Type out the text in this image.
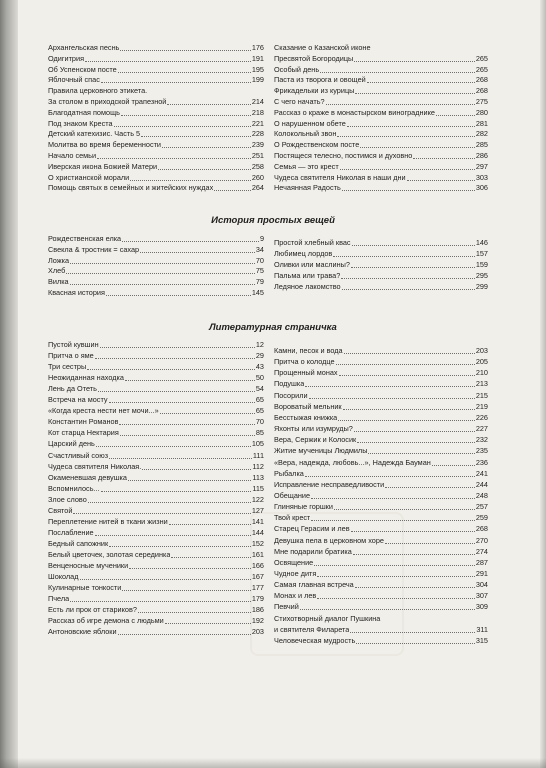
Архангельская песнь	176
Одигитрия	191
Об Успенском посте	195
Яблочный спас	199
Правила церковного этикета.
За столом в приходской трапезной	214
Благодатная помощь	218
Под знаком Креста	221
Детский катехизис. Часть 5	228
Молитва во время беременности	239
Начало семьи	251
Иверская икона Божией Матери	258
О христианской морали	260
Помощь святых в семейных и житейских нуждах	264
Сказание о Казанской иконе
Пресвятой Богородицы	265
Особый день	265
Паста из творога и овощей	268
Фрикадельки из курицы	268
С чего начать?	275
Рассказ о краже в монастырском винограднике	280
О нарушенном обете	281
Колокольный звон	282
О Рождественском посте	285
Постящеся телесно, постимся и духовно	286
Семья — это крест	297
Чудеса святителя Николая в наши дни	303
Нечаянная Радость	306
История простых вещей
Рождественская елка	9
Свекла & тростник = сахар	34
Ложка	70
Хлеб	75
Вилка	79
Квасная история	145
Простой хлебный квас	146
Любимец лордов	157
Оливки или маслины?	159
Пальма или трава?	295
Ледяное лакомство	299
Литературная страничка
Пустой кувшин	12
Притча о яме	29
Три сестры	43
Неожиданная находка	50
Лень да Отеть	54
Встреча на мосту	65
«Когда креста нести нет мочи...»	65
Константин Романов	70
Кот старца Нектария	85
Царский день	105
Счастливый союз	111
Чудеса святителя Николая.	112
Окаменевшая девушка	113
Вспомнилось...	115
Злое слово	122
Святой	127
Переплетение нитей в ткани жизни	141
Послабление	144
Бедный сапожник	152
Белый цветочек, золотая серединка	161
Венценосные мученики	166
Шоколад	167
Кулинарные тонкости	177
Пчела	179
Есть ли прок от стариков?	186
Рассказ об игре демона с людьми	192
Антоновские яблоки	203
Камни, песок и вода	203
Притча о колодце	205
Прощенный монах	210
Подушка	213
Посорили	215
Вороватый мельник	219
Бесстыжая книжка	226
Яхонты или изумруды?	227
Вера, Сержик и Колосик	232
Житие мученицы Людмилы	235
«Вера, надежда, любовь...», Надежда Бауман	236
Рыбалка	241
Исправление несправедливости	244
Обещание	248
Глиняные горшки	257
Твой крест	259
Старец Герасим и лев	268
Девушка пела в церковном хоре	270
Мне подарили братика	274
Освящение	287
Чудное дитя	291
Самая главная встреча	304
Монах и лев	307
Певчий	309
Стихотворный диалог Пушкина
и святителя Филарета	311
Человеческая мудрость	315
